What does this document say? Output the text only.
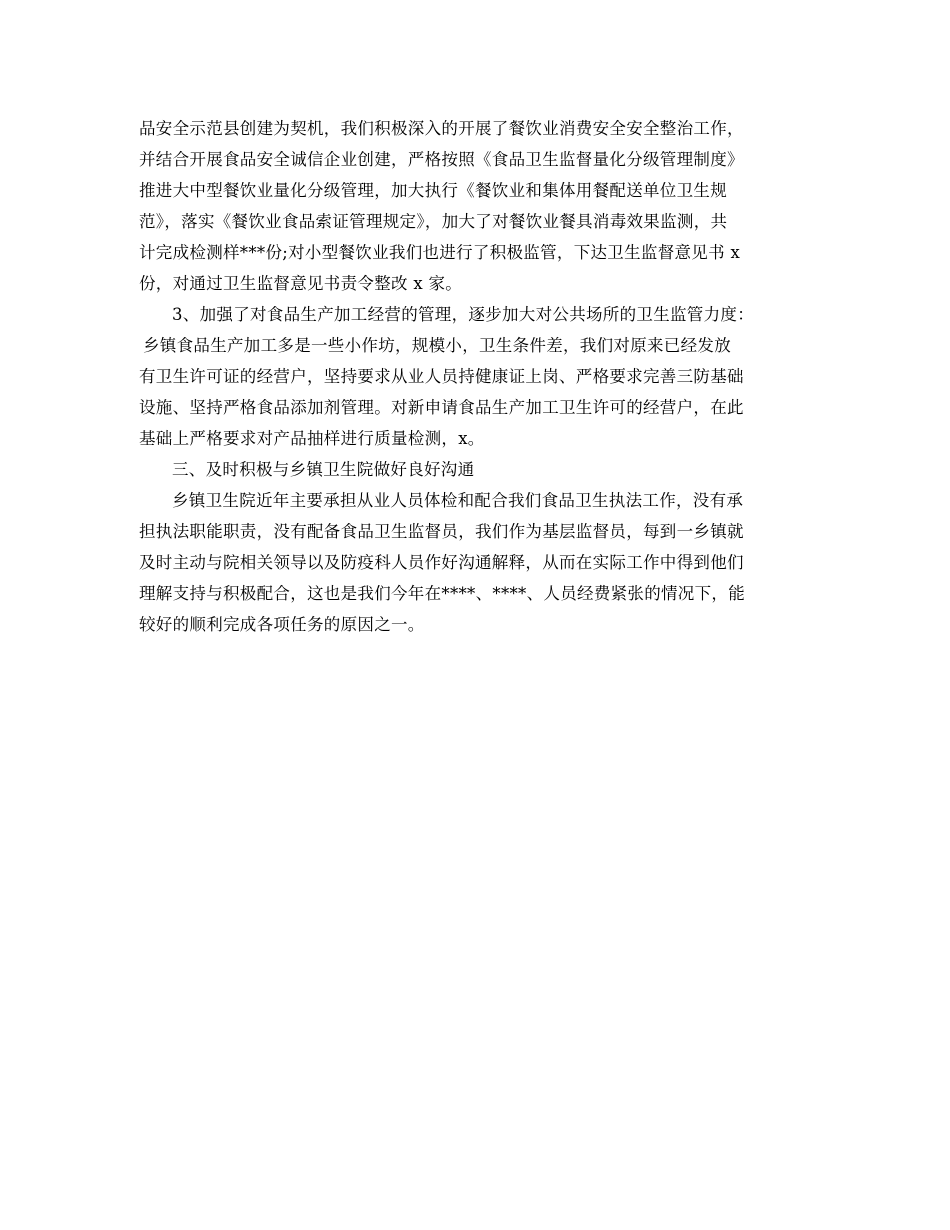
品安全示范县创建为契机，我们积极深入的开展了餐饮业消费安全安全整治工作，
并结合开展食品安全诚信企业创建，严格按照《食品卫生监督量化分级管理制度》
推进大中型餐饮业量化分级管理，加大执行《餐饮业和集体用餐配送单位卫生规
范》，落实《餐饮业食品索证管理规定》，加大了对餐饮业餐具消毒效果监测，共
计完成检测样***份;对小型餐饮业我们也进行了积极监管，下达卫生监督意见书 x
份，对通过卫生监督意见书责令整改 x 家。
3、加强了对食品生产加工经营的管理，逐步加大对公共场所的卫生监管力度：
乡镇食品生产加工多是一些小作坊，规模小，卫生条件差，我们对原来已经发放
有卫生许可证的经营户，坚持要求从业人员持健康证上岗、严格要求完善三防基础
设施、坚持严格食品添加剂管理。对新申请食品生产加工卫生许可的经营户，在此
基础上严格要求对产品抽样进行质量检测，x。
三、及时积极与乡镇卫生院做好良好沟通
乡镇卫生院近年主要承担从业人员体检和配合我们食品卫生执法工作，没有承
担执法职能职责，没有配备食品卫生监督员，我们作为基层监督员，每到一乡镇就
及时主动与院相关领导以及防疫科人员作好沟通解释，从而在实际工作中得到他们
理解支持与积极配合，这也是我们今年在****、****、人员经费紧张的情况下，能
较好的顺利完成各项任务的原因之一。
